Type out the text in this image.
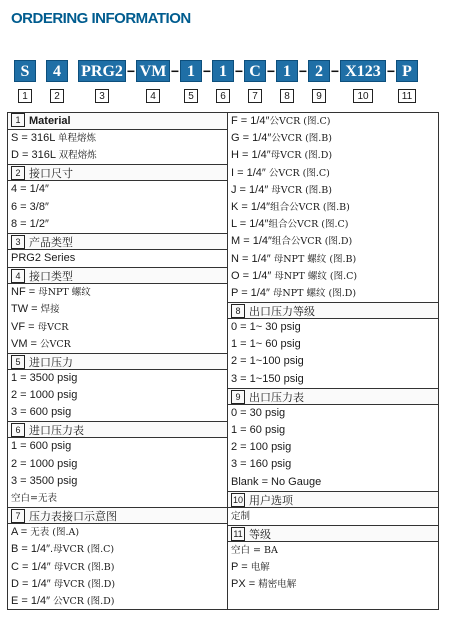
ORDERING INFORMATION
S	4	PRG2 − VM − 1 − 1 − C − 1 − 2 − X123 − P
1	2	3	4	5	6	7	8	9	10	11
1 Material
S = 316L 单程熔炼
D = 316L 双程熔炼
2 接口尺寸
4 = 1/4″
6 = 3/8″
8 = 1/2″
3 产品类型
PRG2 Series
4 接口类型
NF = 母NPT 螺纹
TW = 焊接
VF = 母VCR
VM = 公VCR
5 进口压力
1 = 3500 psig
2 = 1000 psig
3 = 600 psig
6 进口压力表
1 = 600 psig
2 = 1000 psig
3 = 3500 psig
空白=无表
7 压力表接口示意图
A = 无表 (图.A)
B = 1/4″.母VCR (图.C)
C = 1/4″ 母VCR (图.B)
D = 1/4″ 母VCR (图.D)
E = 1/4″ 公VCR (图.D)
F = 1/4″公VCR (图.C)
G = 1/4″公VCR (图.B)
H = 1/4″母VCR (图.D)
I = 1/4″ 公VCR (图.C)
J = 1/4″ 母VCR (图.B)
K = 1/4″组合公VCR (图.B)
L = 1/4″组合公VCR (图.C)
M = 1/4″组合公VCR (图.D)
N = 1/4″ 母NPT 螺纹 (图.B)
O = 1/4″ 母NPT 螺纹 (图.C)
P = 1/4″ 母NPT 螺纹 (图.D)
8 出口压力等级
0 = 1~ 30 psig
1 = 1~ 60 psig
2 = 1~100 psig
3 = 1~150 psig
9 出口压力表
0 = 30 psig
1 = 60 psig
2 = 100 psig
3 = 160 psig
Blank = No Gauge
10 用户选项
定制
11 等级
空白 = BA
P = 电解
PX = 精密电解
